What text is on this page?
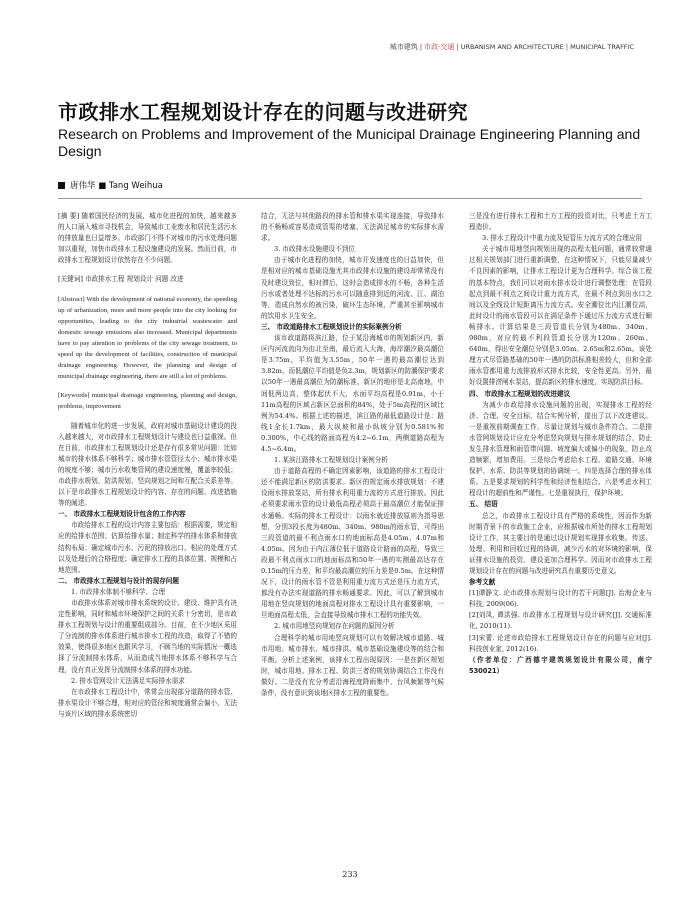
城市建筑 | 市政·交通 | URBANISM AND ARCHITECTURE | MUNICIPAL TRAFFIC
市政排水工程规划设计存在的问题与改进研究
Research on Problems and Improvement of the Municipal Drainage Engineering Planning and Design
唐伟华 ■ Tang Weihua

[摘 要] 随着国民经济的发展，城市化进程的加快，越来越多的人口涌入城市寻找机会，导致城市工业废水和居民生活污水的排放量也日益增多。市政部门不得不对城市的污水处理问题加以重视，加快市政排水工程设施建设的发展。然而目前，市政排水工程规划设计依然存在不少问题。

[关键词] 市政排水工程 规划设计 问题 改进

[Abstract] With the development of national economy, the speeding up of urbanization, more and more people into the city looking for opportunities, leading to the city industrial wastewater and domestic sewage emissions also increased. Municipal departments have to pay attention to problems of the city sewage treatment, to speed up the development of facilities, construction of municipal drainage engineering. However, the planning and design of municipal drainage engineering, there are still a lot of problems.

[Keywords] municipal drainage engineering, planning and design, problems, improvement

随着城市化的进一步发展，政府对城市基础设计建设的投入越来越大，对市政排水工程规划设计与建设也日益重视。但在目前，市政排水工程规划设计还是存有很多常见问题：比如城市的排水体系不够科学；城市排水管管径太小；城市排水渠的坡度不够；城市污水收集管网的建设速度慢，覆盖率较低；市政排水规划、防洪规划、竖向规划之间和互配合关系差等。以下是市政排水工程规划设计的内容、存在的问题、改进措施等的阐述。

一、 市政排水工程规划设计包含的工作内容

市政给排水工程的设计内容主要包括：根据需要，规定相应的给排水范围；估算给排水量；制定科学的排水体系和排放结构布局；确定城市污水、污泥的排放出口、相应的处理方式以及处理后的合格程度；确定排水工程的具体位置、规模和占地范围。

二、 市政排水工程规划与设计的现存问题

1. 市政排水体制不够科学、合理

市政排水体系对城市排水系统的设计、建设、维护具有决定性影响，同时和城市环境保护之间的关系十分密切，是市政排水工程规划与设计的重要组成部分。目前，在不少地区采用了分流制的排水体系进行城市排水工程的改造，取得了不错的效果，使得很多地区也跟风学习，不顾当地的实际情况一概选择了分流制排水体系，从而造成当地排水体系不够科学与合理，没有真正发挥分流制排水体系的排水功能。

2. 排水管网设计无法满足实际排水需求

在市政排水工程设计中，常常会出现部分道路的排水管、排水渠设计不够合理，相对应的管径和坡度通常会偏小，无法与该片区域的排水系统密切

结合，无法与其他路段的排水管和排水渠实现连接，导致排水的不畅畅或容易造成管渠的堵塞，无法满足城市的实际排水需求。

3. 市政排水设施建设不到位

由于城市化进程的加快，城市开发速度也的日益加快，但是相对应的城市基础设施尤其市政排水设施的建设却常常没有及时建设到位，相对滞后，这时会造成排水的不畅，各种生活污水或者处理不达标的污水可以随意排到近的河流、江、湖泊等，造成自然水的被污染，破坏生态环境，严重甚至影响城市的饮用水卫生安全。

三、 市政道路排水工程规划设计的实际案例分析

该市政道路将滨江路，位于某沿海城市的规划新区内，新区内河流流向为由北至南，最后流入大海，海岸潮汐最高潮位是3.75m，平均值为3.55m，50年一遇的最高潮位达到3.82m，而低潮位平均值是负2.3m，规划新区的防潮保护要求以50年一遇最高潮位为防潮标准。新区的地形是北高南地，中间低两边高，整体起伏不大，水面平均高程是0.91m，小于11m高程的区域占新区总面积的84%，处于5m高程的区域比例为54.4%。根据上述的描述，滨江路的最低道路设计是：路线1全长1.7km，最大纵坡和最小纵坡分别为0.581%和0.300%，中心线的路面高程为4.2~6.1m，两侧道路高程为4.5~6.4m。

1. 某滨江路排水工程规划设计案例分析

由于道路高程的不确定因素影响，该道路的排水工程设计还不能满足新区的防洪要求。新区的规定雨水排放规划：不建设雨水排放泵站，所有排水利用重力流的方式进行排放。因此必须要求雨水管的设计最低高程必须高于最高潮位才能保证排水通畅。实际的排水工程设计：以雨水就近排放原则为指导思想，分别3段长度为480m、340m、980m的雨水管，可得出三段管道的最不利点雨水口的地面标高是4.05m、4.07m和4.05m。因为由于内江薄位低于道路设计路面的高程，导致三段最不利点雨水口的地面标高和50年一遇的实测最高达存在0.15m的压力差，和平均最高潮位的压力差是0.5m。在这种情况下，设计的雨水管不管是利用重力流方式还是压力流方式，都没有办法实现道路的排水畅通要求。因此，可以了解到城市用地在竖向规划的地面高程对排水工程设计具有重要影响，一旦地面高程太低，会直接导致城市排水工程的功能失效。

2. 城市用地竖向规划存在问题的原因分析

合理科学的城市用地竖向规划可以有效解决城市道路、城市用地、城市排水、城市排洪、城市基础设施建设等的结合和平衡。分析上述案例，该排水工程出现原因：一是在新区规划时，城市用地、排水工程、防洪三者的规划协调结合工作没有做好。二是没有充分考虑沿海程度降雨集中、台风频繁等气候条件，没有意识到该地区排水工程的重要性。

三是没有进行排水工程和土方工程的投资对比，只考虑土方工程造价。

3. 排水工程设计中重力流及短管压力流方式的合理应用

关于城市用地竖向规划出现的高程太低问题，通常较常通过相关规划部门进行重新调整，在这种情况下，只能尽量减少不良因素的影响，让排水工程设计更为合理科学。综合该工程的基本特点，我们可以对雨水排水设计进行调整处理：在管段起点到最不利点之间设计重力流方式，在最不利点到出水口之间以及全线设计短距离压力流方式。安全潮位比内江潮位高，此时设计的雨水管段可以在满足条件下通过压力流方式进行顺畅排水。计算结果是三段管道长分别为480m、340m、980m，对应的最不利段管道长分别为120m、260m、640m，得出安全潮位分别是3.05m、2.65m和2.65m。该处理方式尽管路基础的50年一遇的防洪标准相差较大，但和全部雨水管都用重力流排放形式排水比较，安全性更高。另外，最好设置排涝闸水泵站，提高新区的排水速度，实现防洪目标。

四、 市政排水工程规划的改进建议

为减少市政给排水设施问题的出现，实现排水工程的经济、合理、安全目标，结合实例分析，提出了以下改进建议。一是重视前期调查工作，尽量让规划与城市条件符合。二是排水管网规划设计应充分考虑竖向规划与排水规划的结合，防止发生排水管理和雨管带问题、坡度偏大或偏小的现象，防止改造频繁，增加费用。三是综合考虑给水工程、道路交通、环境保护、水系、防洪等规划的协调统一。四是选择合理的排水体系。五是要求规划的科学性和经济性相结合。六是考虑水利工程设计的超前性和严谨性。七是重视执行，保护环境。

五、 结语

总之，市政排水工程设计具有严格的系统性，因而作为新时期背景下的市政施工企业，应根据城市所处的排水工程规划设计工作，其主要目的是通过设计规划实现排水收集、传送、处理、利用和回收过程的协调，减少污水的对环境的影响，保证排水设施的投资、建设更加合理科学。因而对市政排水工程规划设计存在的问题与改进研究具有重要历史意义。

参考文献

[1]谭静文. 论市政排水规划与设计的若干问题[J]. 治海企业与科技, 2009(06).

[2]刘凤, 谭洪强. 市政排水工程规划与设计研究[J]. 交通标准化, 2010(11).

[3]宋蕾. 论述市政给排水工程规划设计存在的问题与应对[J]. 科技创业家, 2012(16).

（作者单位：广西德宇建筑规划设计有限公司，南宁 530021）

233
